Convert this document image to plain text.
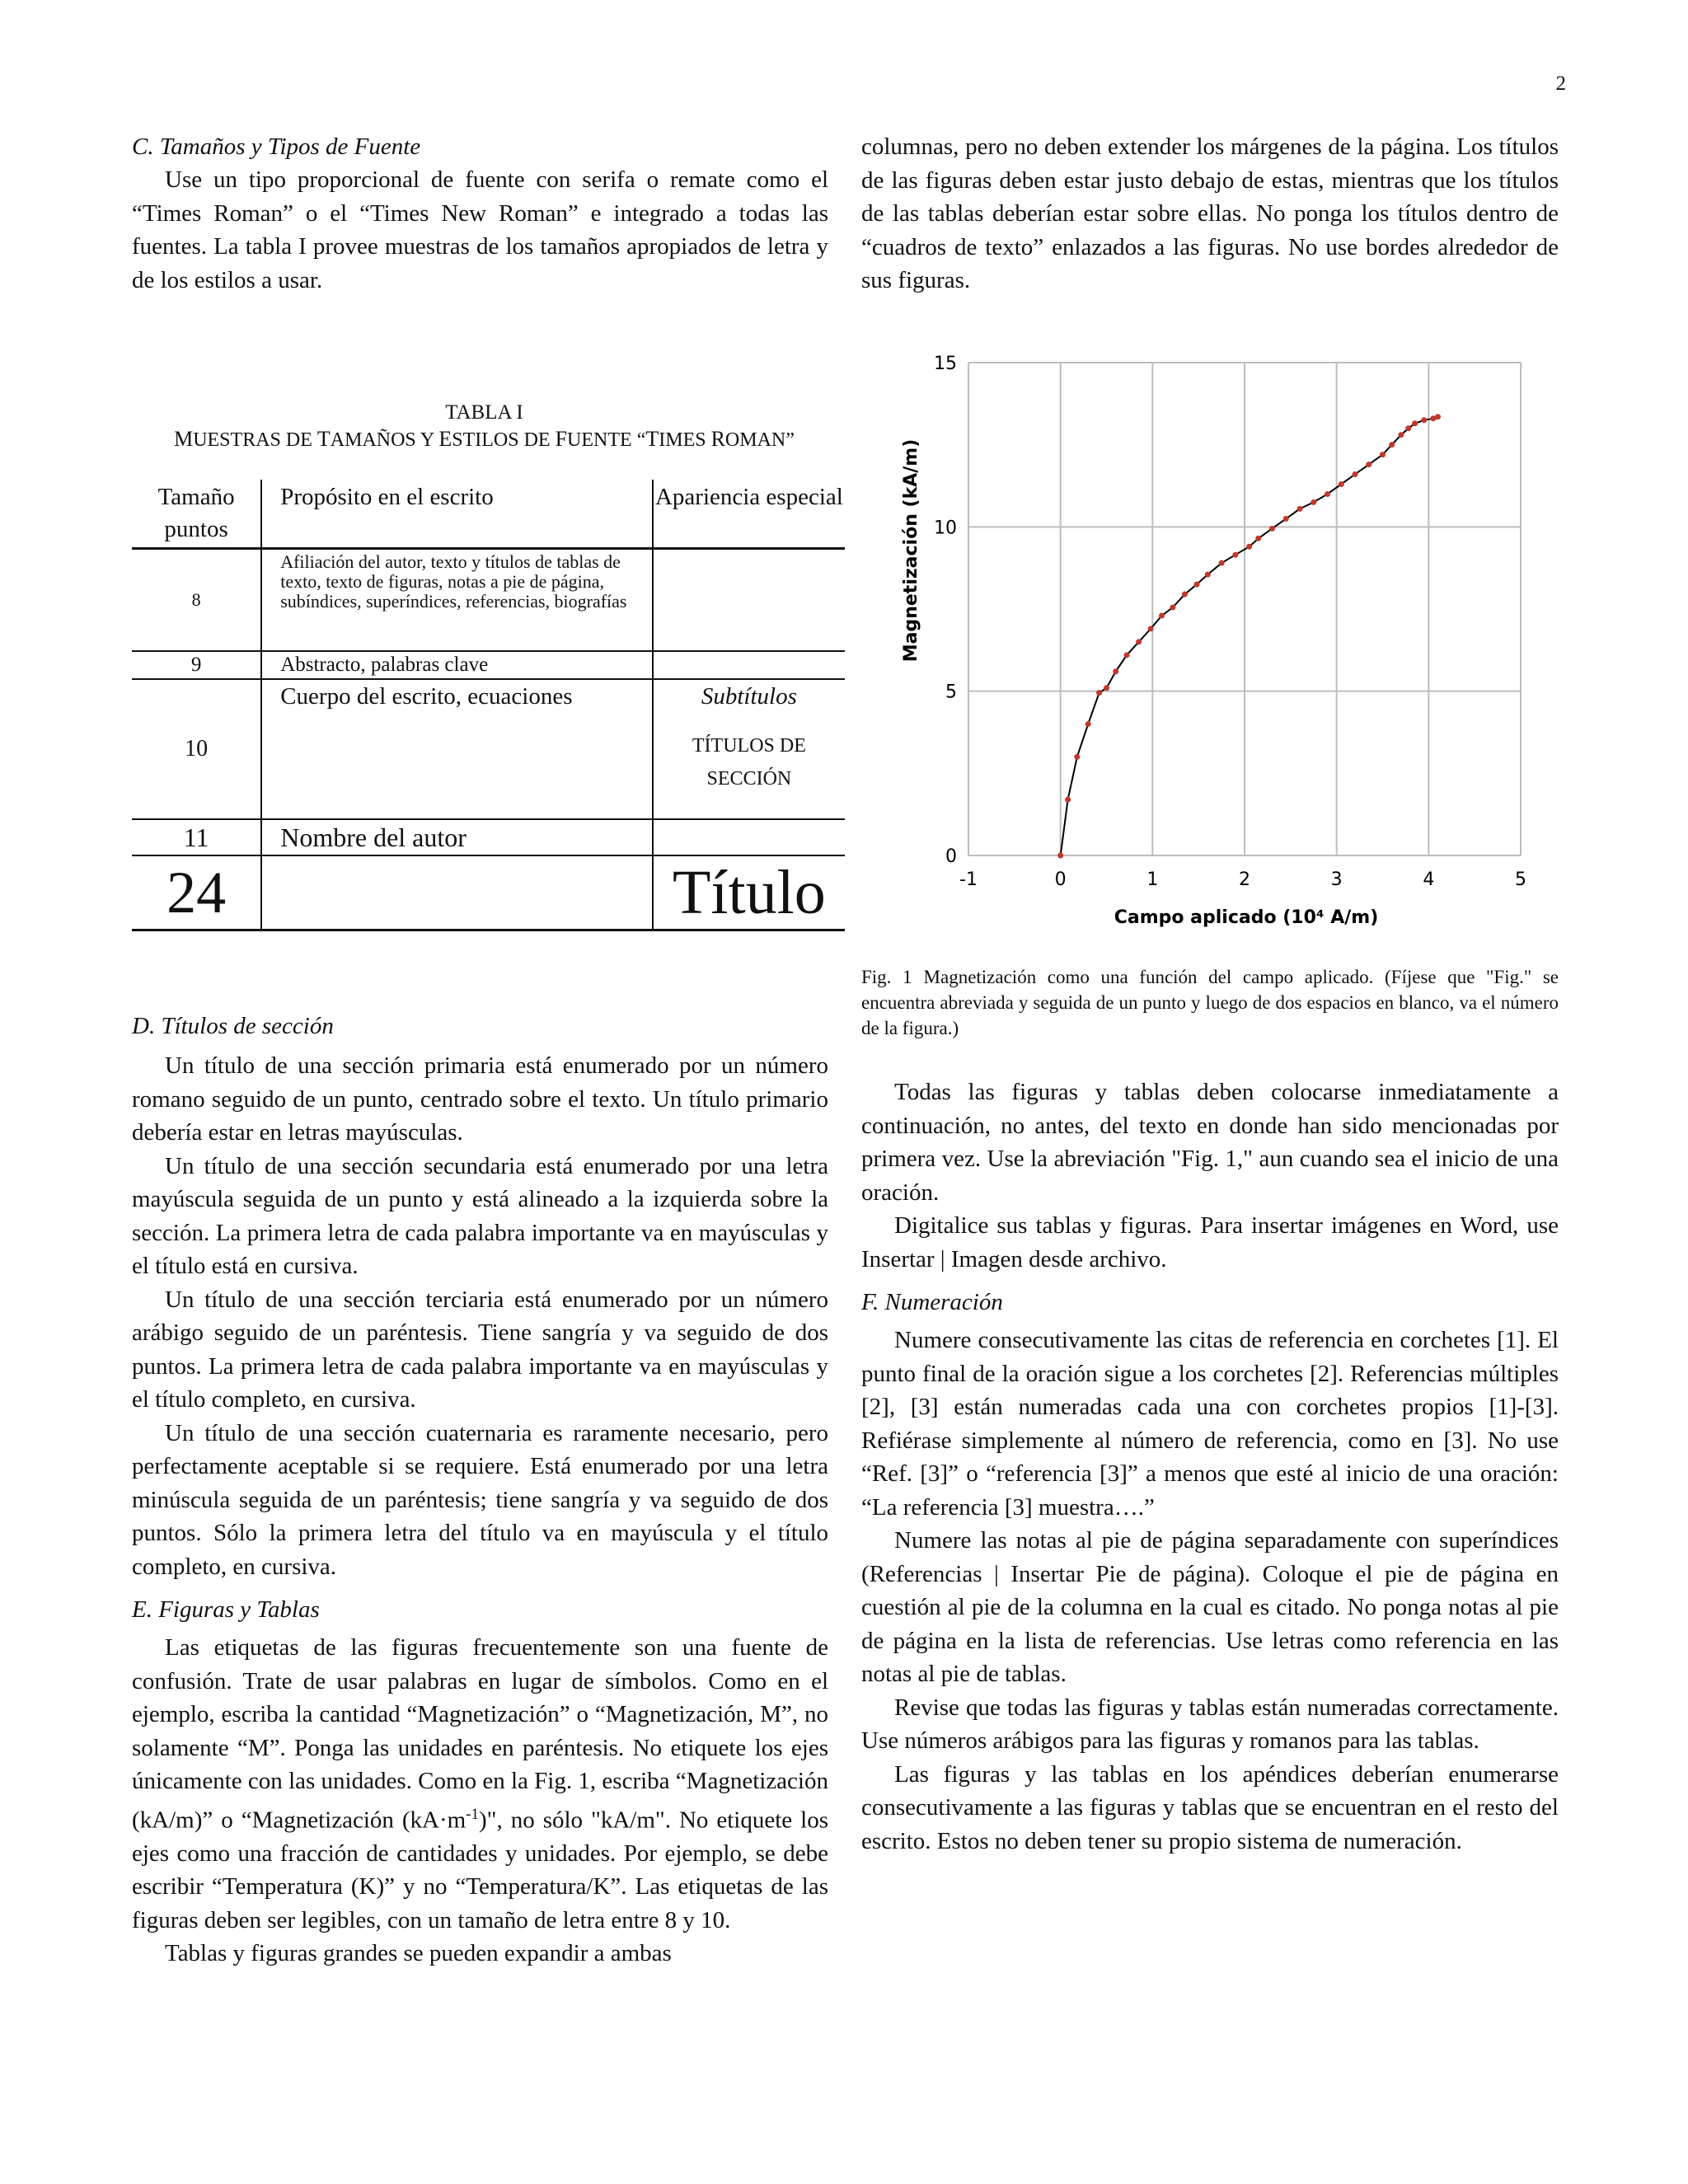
2
C. Tamaños y Tipos de Fuente

Use un tipo proporcional de fuente con serifa o remate como el “Times Roman” o el “Times New Roman” e integrado a todas las fuentes. La tabla I provee muestras de los tamaños apropiados de letra y de los estilos a usar.

columnas, pero no deben extender los márgenes de la página. Los títulos de las figuras deben estar justo debajo de estas, mientras que los títulos de las tablas deberían estar sobre ellas. No ponga los títulos dentro de “cuadros de texto” enlazados a las figuras. No use bordes alrededor de sus figuras.

TABLA I
MUESTRAS DE TAMAÑOS Y ESTILOS DE FUENTE “TIMES ROMAN”
Tamaño puntos	Propósito en el escrito	Apariencia especial
8	Afiliación del autor, texto y títulos de tablas de texto, texto de figuras, notas a pie de página, subíndices, superíndices, referencias, biografías	
9	Abstracto, palabras clave	
10	Cuerpo del escrito, ecuaciones	Subtítulos
TÍTULOS DE SECCIÓN

11	Nombre del autor	
24		Título	-1	0	1	2	3	4	5
0
5
10
15
Campo aplicado (10⁴ A/m)
Magnetización (kA/m)
Fig. 1 Magnetización como una función del campo aplicado. (Fíjese que "Fig." se encuentra abreviada y seguida de un punto y luego de dos espacios en blanco, va el número de la figura.)
D. Títulos de sección

Un título de una sección primaria está enumerado por un número romano seguido de un punto, centrado sobre el texto. Un título primario debería estar en letras mayúsculas.

Un título de una sección secundaria está enumerado por una letra mayúscula seguida de un punto y está alineado a la izquierda sobre la sección. La primera letra de cada palabra importante va en mayúsculas y el título está en cursiva.

Un título de una sección terciaria está enumerado por un número arábigo seguido de un paréntesis. Tiene sangría y va seguido de dos puntos. La primera letra de cada palabra importante va en mayúsculas y el título completo, en cursiva.

Un título de una sección cuaternaria es raramente necesario, pero perfectamente aceptable si se requiere. Está enumerado por una letra minúscula seguida de un paréntesis; tiene sangría y va seguido de dos puntos. Sólo la primera letra del título va en mayúscula y el título completo, en cursiva.

E. Figuras y Tablas

Las etiquetas de las figuras frecuentemente son una fuente de confusión. Trate de usar palabras en lugar de símbolos. Como en el ejemplo, escriba la cantidad “Magnetización” o “Magnetización, M”, no solamente “M”. Ponga las unidades en paréntesis. No etiquete los ejes únicamente con las unidades. Como en la Fig. 1, escriba “Magnetización (kA/m)” o “Magnetización $(kA\cdot m^{-1})$", no sólo "kA/m". No etiquete los ejes como una fracción de cantidades y unidades. Por ejemplo, se debe escribir “Temperatura (K)” y no “Temperatura/K”. Las etiquetas de las figuras deben ser legibles, con un tamaño de letra entre 8 y 10.

Tablas y figuras grandes se pueden expandir a ambas

Todas las figuras y tablas deben colocarse inmediatamente a continuación, no antes, del texto en donde han sido mencionadas por primera vez. Use la abreviación "Fig. 1," aun cuando sea el inicio de una oración.

Digitalice sus tablas y figuras. Para insertar imágenes en Word, use Insertar | Imagen desde archivo.

F. Numeración

Numere consecutivamente las citas de referencia en corchetes [1]. El punto final de la oración sigue a los corchetes [2]. Referencias múltiples [2], [3] están numeradas cada una con corchetes propios [1]-[3]. Refiérase simplemente al número de referencia, como en [3]. No use “Ref. [3]” o “referencia [3]” a menos que esté al inicio de una oración: “La referencia [3] muestra….”

Numere las notas al pie de página separadamente con superíndices (Referencias | Insertar Pie de página). Coloque el pie de página en cuestión al pie de la columna en la cual es citado. No ponga notas al pie de página en la lista de referencias. Use letras como referencia en las notas al pie de tablas.

Revise que todas las figuras y tablas están numeradas correctamente. Use números arábigos para las figuras y romanos para las tablas.

Las figuras y las tablas en los apéndices deberían enumerarse consecutivamente a las figuras y tablas que se encuentran en el resto del escrito. Estos no deben tener su propio sistema de numeración.
